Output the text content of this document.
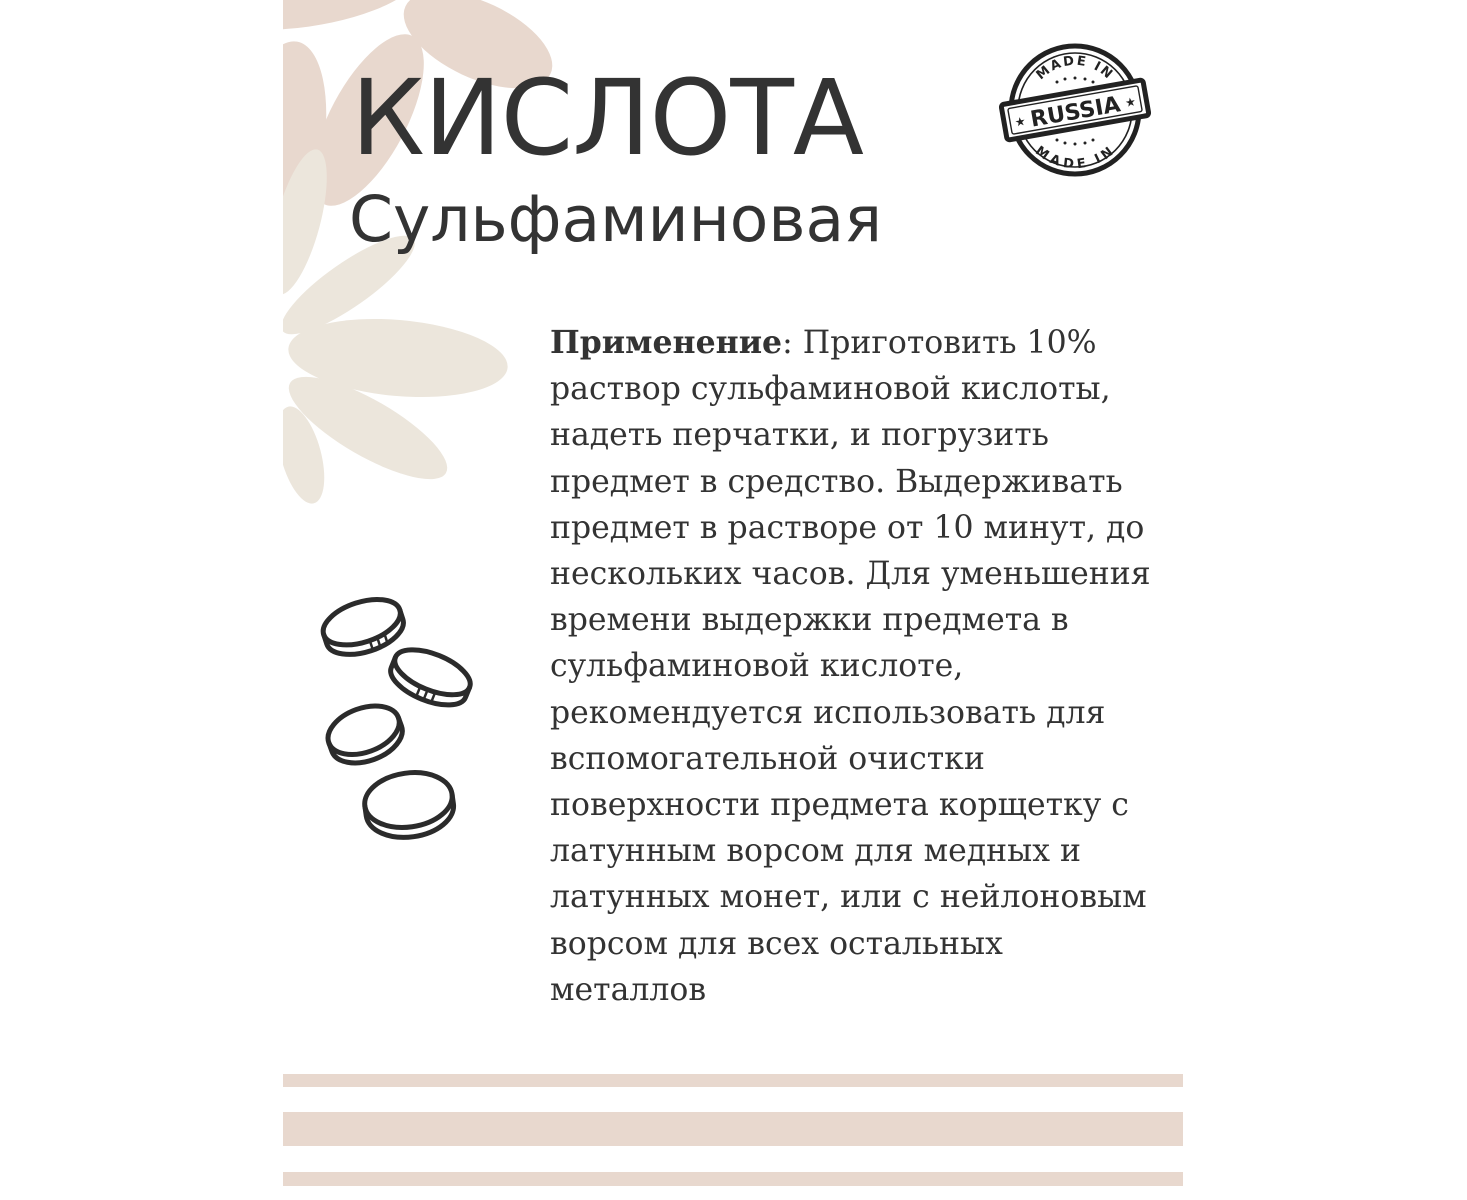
КИСЛОТА
Сульфаминовая
MADE IN
MADE IN
★
★
RUSSIA

Применение: Приготовить 10% раствор сульфаминовой кислоты, надеть перчатки, и погрузить предмет в средство. Выдерживать предмет в растворе от 10 минут, до нескольких часов. Для уменьшения времени выдержки предмета в сульфаминовой кислоте, рекомендуется использовать для вспомогательной очистки поверхности предмета корщетку с латунным ворсом для медных и латунных монет, или с нейлоновым ворсом для всех остальных металлов
